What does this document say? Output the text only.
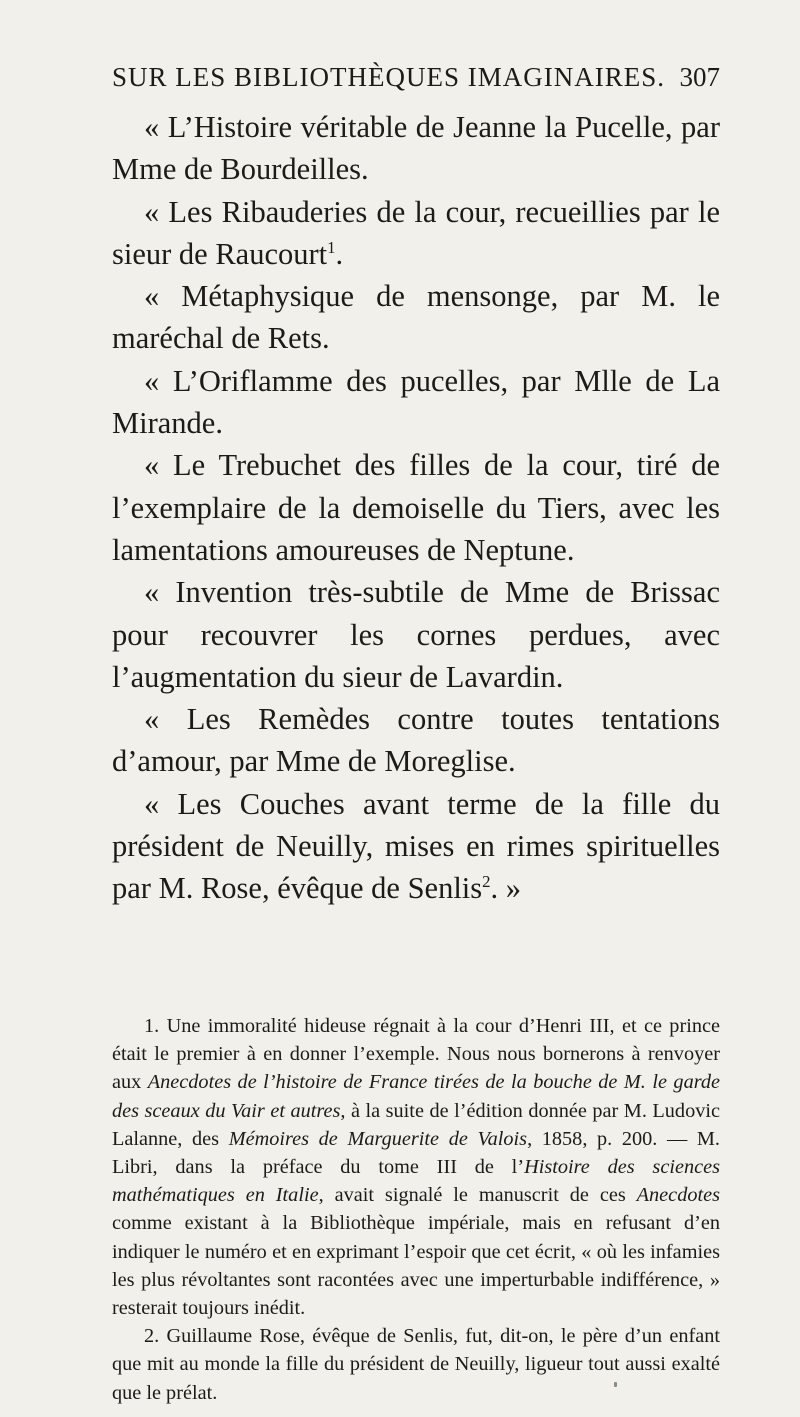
SUR LES BIBLIOTHÈQUES IMAGINAIRES. 307

« L’Histoire véritable de Jeanne la Pucelle, par Mme de Bourdeilles.

« Les Ribauderies de la cour, recueillies par le sieur de Raucourt$^1$.

« Métaphysique de mensonge, par M. le maréchal de Rets.

« L’Oriflamme des pucelles, par Mlle de La Mirande.

« Le Trebuchet des filles de la cour, tiré de l’exemplaire de la demoiselle du Tiers, avec les lamentations amoureuses de Neptune.

« Invention très-subtile de Mme de Brissac pour recouvrer les cornes perdues, avec l’augmentation du sieur de Lavardin.

« Les Remèdes contre toutes tentations d’amour, par Mme de Moreglise.

« Les Couches avant terme de la fille du président de Neuilly, mises en rimes spirituelles par M. Rose, évêque de Senlis$^2$. »

1. Une immoralité hideuse régnait à la cour d’Henri III, et ce prince était le premier à en donner l’exemple. Nous nous bornerons à renvoyer aux Anecdotes de l’histoire de France tirées de la bouche de M. le garde des sceaux du Vair et autres, à la suite de l’édition donnée par M. Ludovic Lalanne, des Mémoires de Marguerite de Valois, 1858, p. 200. — M. Libri, dans la préface du tome III de l’Histoire des sciences mathématiques en Italie, avait signalé le manuscrit de ces Anecdotes comme existant à la Bibliothèque impériale, mais en refusant d’en indiquer le numéro et en exprimant l’espoir que cet écrit, « où les infamies les plus révoltantes sont racontées avec une imperturbable indifférence, » resterait toujours inédit.

2. Guillaume Rose, évêque de Senlis, fut, dit-on, le père d’un enfant que mit au monde la fille du président de Neuilly, ligueur tout aussi exalté que le prélat.
